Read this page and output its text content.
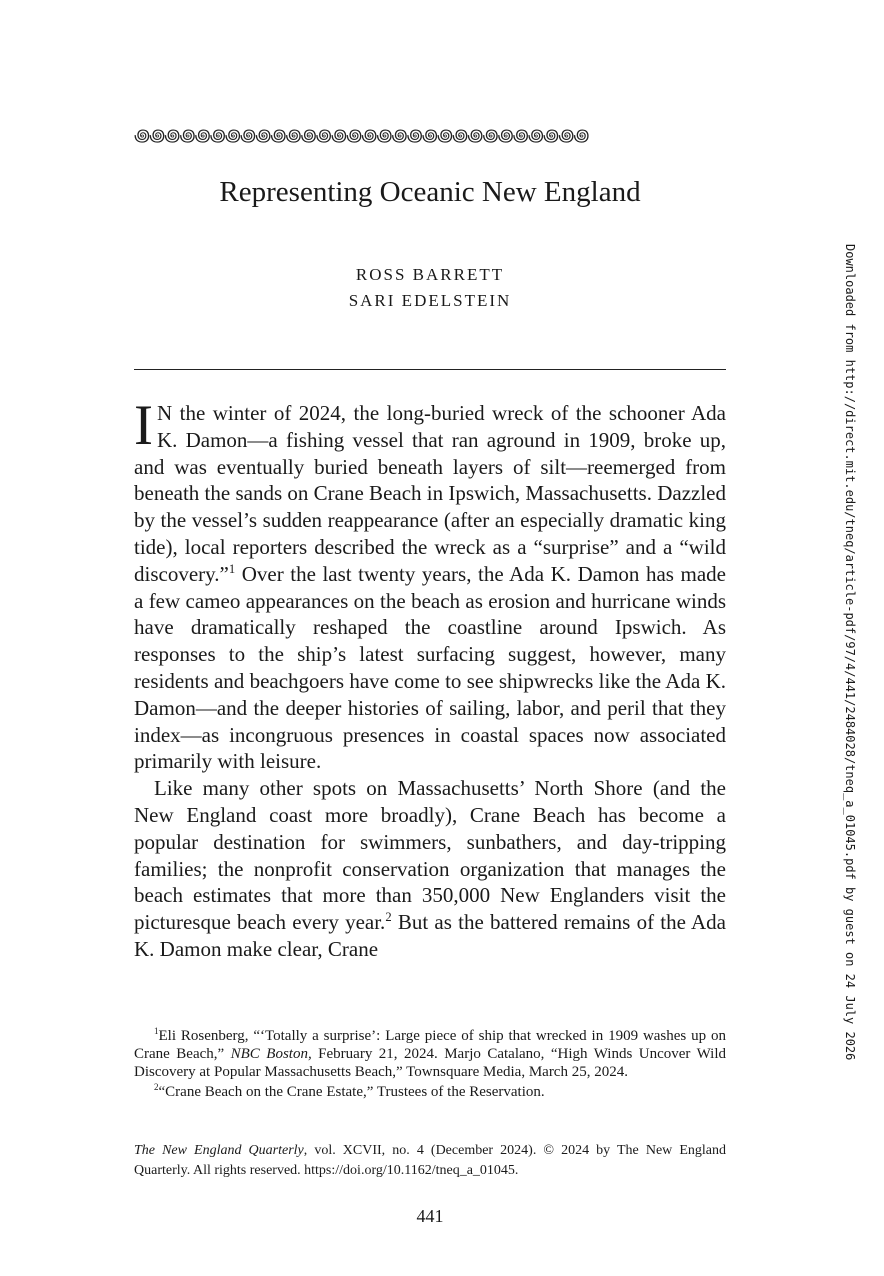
꩜꩜꩜꩜꩜꩜꩜꩜꩜꩜꩜꩜꩜꩜꩜꩜꩜꩜꩜꩜꩜꩜꩜꩜꩜꩜꩜꩜꩜꩜
Representing Oceanic New England
ROSS BARRETT
SARI EDELSTEIN

I N the winter of 2024, the long-buried wreck of the schooner Ada K. Damon—a fishing vessel that ran aground in 1909, broke up, and was eventually buried beneath layers of silt—reemerged from beneath the sands on Crane Beach in Ipswich, Massachusetts. Dazzled by the vessel’s sudden reappearance (after an especially dramatic king tide), local reporters described the wreck as a “surprise” and a “wild discovery.”$^1$ Over the last twenty years, the Ada K. Damon has made a few cameo appearances on the beach as erosion and hurricane winds have dramatically reshaped the coastline around Ipswich. As responses to the ship’s latest surfacing suggest, however, many residents and beachgoers have come to see shipwrecks like the Ada K. Damon—and the deeper histories of sailing, labor, and peril that they index—as incongruous presences in coastal spaces now associated primarily with leisure.

Like many other spots on Massachusetts’ North Shore (and the New England coast more broadly), Crane Beach has become a popular destination for swimmers, sunbathers, and day-tripping families; the nonprofit conservation organization that manages the beach estimates that more than 350,000 New Englanders visit the picturesque beach every year.$^2$ But as the battered remains of the Ada K. Damon make clear, Crane

$^1$Eli Rosenberg, “‘Totally a surprise’: Large piece of ship that wrecked in 1909 washes up on Crane Beach,” NBC Boston, February 21, 2024. Marjo Catalano, “High Winds Uncover Wild Discovery at Popular Massachusetts Beach,” Townsquare Media, March 25, 2024.

$^2$“Crane Beach on the Crane Estate,” Trustees of the Reservation.

The New England Quarterly, vol. XCVII, no. 4 (December 2024). © 2024 by The New England Quarterly. All rights reserved. https://doi.org/10.1162/tneq_a_01045.
441
Downloaded from http://direct.mit.edu/tneq/article-pdf/97/4/441/2484028/tneq_a_01045.pdf by guest on 24 July 2026
